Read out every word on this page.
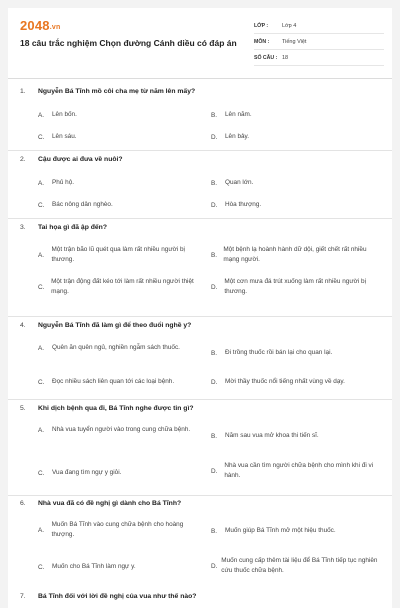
2048.vn
18 câu trắc nghiệm Chọn đường Cánh diều có đáp án
LỚP :	Lớp 4
MÔN :	Tiếng Việt
SỐ CÂU : 18
1.	Nguyễn Bá Tĩnh mồ côi cha mẹ từ năm lên mấy?
A.	Lên bốn.	B.	Lên năm.
C.	Lên sáu.	D.	Lên bảy.
2.	Cậu được ai đưa về nuôi?
A.	Phủ hộ.	B.	Quan lớn.
C.	Bác nông dân nghèo.	D.	Hòa thượng.
3.	Tai họa gì đã ập đến?
A.
Một trận bão lũ quét qua làm rất nhiều người bị thương.
B.
Một bệnh lạ hoành hành dữ dội, giết chết rất nhiều mạng người.
C.
Một trận động đất kéo tới làm rất nhiều người thiệt mạng.
D.
Một cơn mưa đá trút xuống làm rất nhiều người bị thương.
4.	Nguyễn Bá Tĩnh đã làm gì để theo đuổi nghề y?
A.	Quên ăn quên ngủ, nghiền ngẫm sách thuốc.
B.	Đi trồng thuốc rồi bán lại cho quan lại.
C.	Đọc nhiều sách liên quan tới các loại bệnh.	D.	Mời thầy thuốc nổi tiếng nhất vùng về dạy.
5.	Khi dịch bệnh qua đi, Bá Tĩnh nghe được tin gì?
A.	Nhà vua tuyển người vào trong cung chữa bệnh.
B.	Năm sau vua mở khoa thi tiến sĩ.
C.	Vua đang tìm ngự y giỏi.	D.
Nhà vua cần tìm người chữa bệnh cho mình khi đi vi hành.
6.	Nhà vua đã có đề nghị gì dành cho Bá Tĩnh?
A.
Muốn Bá Tĩnh vào cung chữa bệnh cho hoàng thượng.	B.	Muốn giúp Bá Tĩnh mở một hiệu thuốc.
C.	Muốn cho Bá Tĩnh làm ngự y.	D.
Muốn cung cấp thêm tài liệu để Bá Tĩnh tiếp tục nghiên cứu thuốc chữa bệnh.
7.	Bá Tĩnh đối với lời đề nghị của vua như thế nào?
